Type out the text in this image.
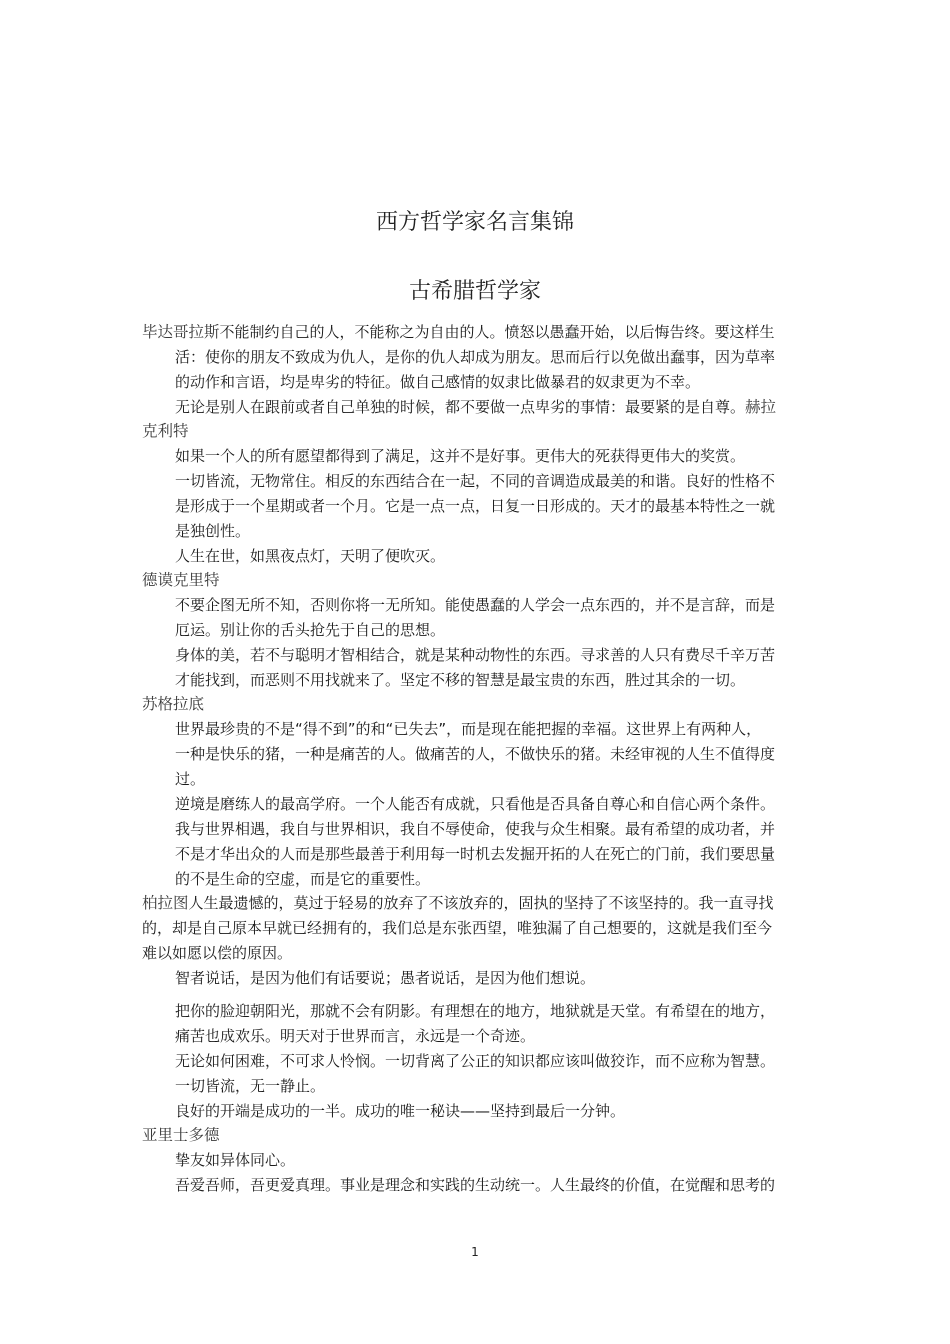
西方哲学家名言集锦
古希腊哲学家
毕达哥拉斯不能制约自己的人，不能称之为自由的人。愤怒以愚蠢开始，以后悔告终。要这样生
活：使你的朋友不致成为仇人，是你的仇人却成为朋友。思而后行以免做出蠢事，因为草率
的动作和言语，均是卑劣的特征。做自己感情的奴隶比做暴君的奴隶更为不幸。
无论是别人在跟前或者自己单独的时候，都不要做一点卑劣的事情：最要紧的是自尊。赫拉
克利特
如果一个人的所有愿望都得到了满足，这并不是好事。更伟大的死获得更伟大的奖赏。
一切皆流，无物常住。相反的东西结合在一起，不同的音调造成最美的和谐。良好的性格不
是形成于一个星期或者一个月。它是一点一点，日复一日形成的。天才的最基本特性之一就
是独创性。
人生在世，如黑夜点灯，天明了便吹灭。
德谟克里特
不要企图无所不知，否则你将一无所知。能使愚蠢的人学会一点东西的，并不是言辞，而是
厄运。别让你的舌头抢先于自己的思想。
身体的美，若不与聪明才智相结合，就是某种动物性的东西。寻求善的人只有费尽千辛万苦
才能找到，而恶则不用找就来了。坚定不移的智慧是最宝贵的东西，胜过其余的一切。
苏格拉底
世界最珍贵的不是“得不到”的和“已失去”，而是现在能把握的幸福。这世界上有两种人，
一种是快乐的猪，一种是痛苦的人。做痛苦的人，不做快乐的猪。未经审视的人生不值得度
过。
逆境是磨练人的最高学府。一个人能否有成就，只看他是否具备自尊心和自信心两个条件。
我与世界相遇，我自与世界相识，我自不辱使命，使我与众生相聚。最有希望的成功者，并
不是才华出众的人而是那些最善于利用每一时机去发掘开拓的人在死亡的门前，我们要思量
的不是生命的空虚，而是它的重要性。
柏拉图人生最遗憾的，莫过于轻易的放弃了不该放弃的，固执的坚持了不该坚持的。我一直寻找
的，却是自己原本早就已经拥有的，我们总是东张西望，唯独漏了自己想要的，这就是我们至今
难以如愿以偿的原因。
智者说话，是因为他们有话要说；愚者说话，是因为他们想说。
把你的脸迎朝阳光，那就不会有阴影。有理想在的地方，地狱就是天堂。有希望在的地方，
痛苦也成欢乐。明天对于世界而言，永远是一个奇迹。
无论如何困难，不可求人怜悯。一切背离了公正的知识都应该叫做狡诈，而不应称为智慧。
一切皆流，无一静止。
良好的开端是成功的一半。成功的唯一秘诀——坚持到最后一分钟。
亚里士多德
挚友如异体同心。
吾爱吾师，吾更爱真理。事业是理念和实践的生动统一。人生最终的价值，在觉醒和思考的
1
